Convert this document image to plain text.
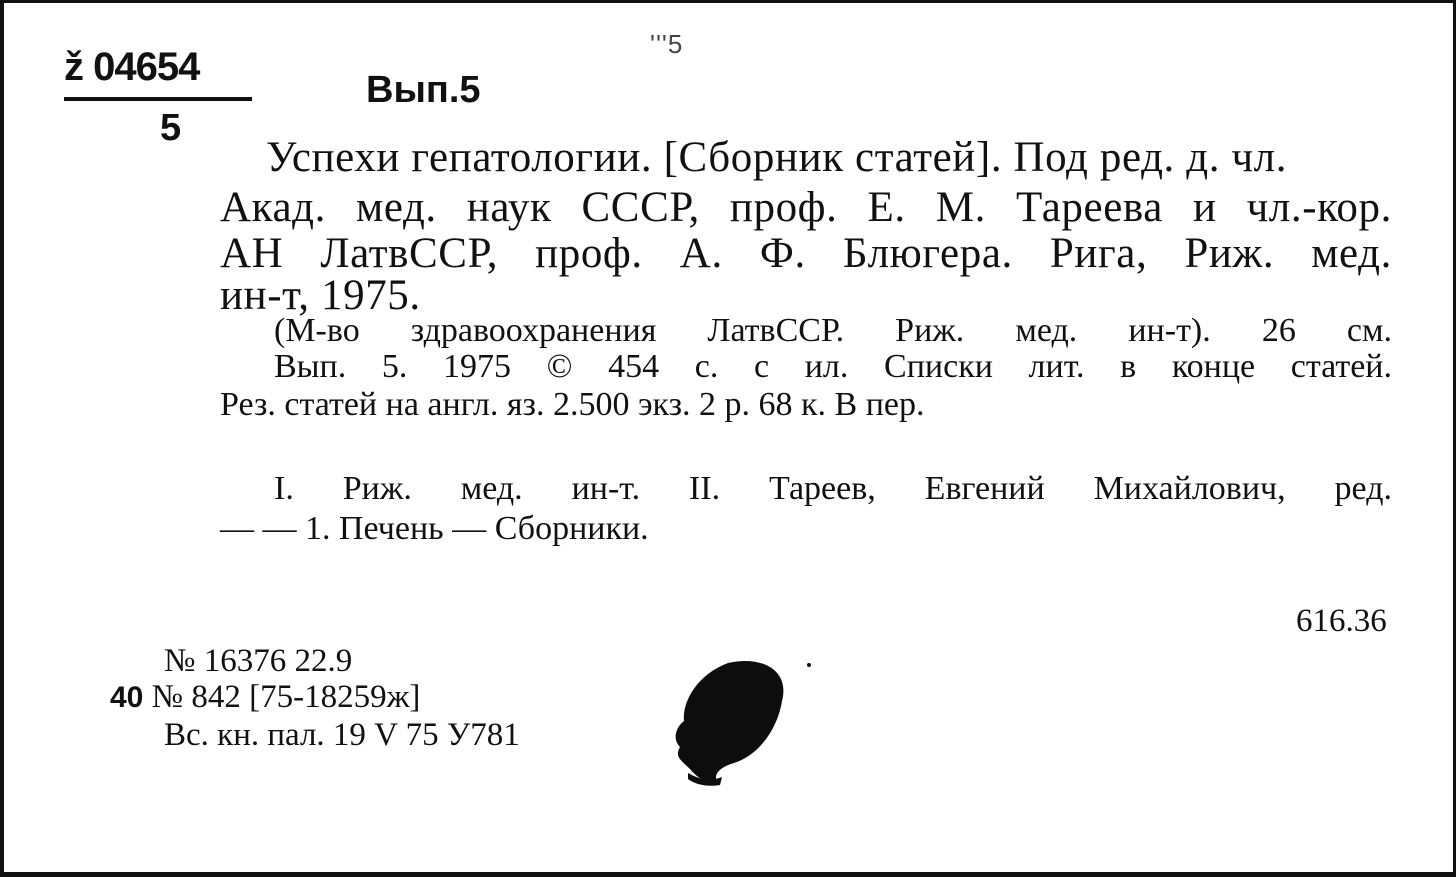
ž 04654
5
Вып.5
'''5
Успехи гепатологии. [Сборник статей]. Под ред. д. чл.
Акад. мед. наук СССР, проф. Е. М. Тареева и чл.-кор.
АН ЛатвССР, проф. А. Ф. Блюгера. Рига, Риж. мед.
ин-т, 1975.
(М-во здравоохранения ЛатвССР. Риж. мед. ин-т). 26 см.
Вып. 5. 1975 © 454 с. с ил. Списки лит. в конце статей.
Рез. статей на англ. яз. 2.500 экз. 2 р. 68 к. В пер.
I. Риж. мед. ин-т. II. Тареев, Евгений Михайлович, ред.
— — 1. Печень — Сборники.
616.36
№ 16376 22.9
40 № 842 [75-18259ж]
Вс. кн. пал. 19 V 75 У781
